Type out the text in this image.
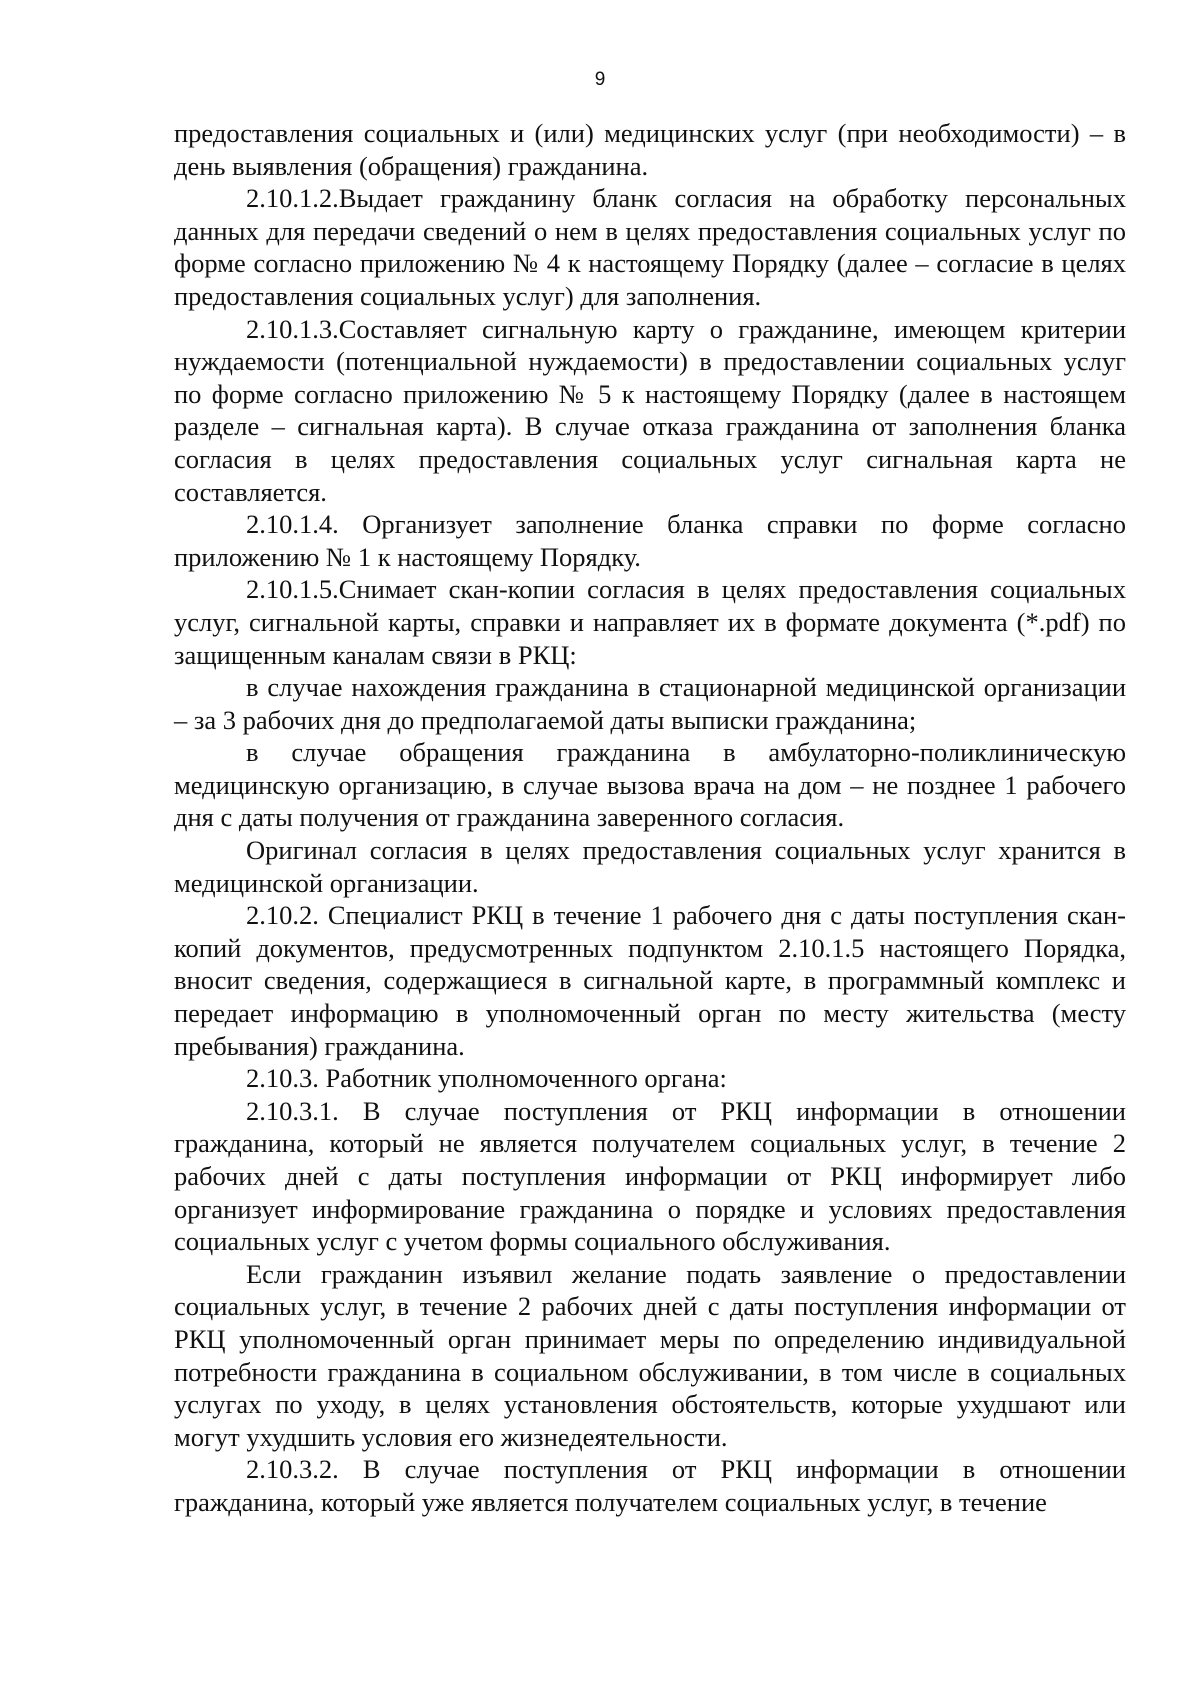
9

предоставления социальных и (или) медицинских услуг (при необходимости) – в день выявления (обращения) гражданина.

2.10.1.2.Выдает гражданину бланк согласия на обработку персональных данных для передачи сведений о нем в целях предоставления социальных услуг по форме согласно приложению № 4 к настоящему Порядку (далее – согласие в целях предоставления социальных услуг) для заполнения.

2.10.1.3.Составляет сигнальную карту о гражданине, имеющем критерии нуждаемости (потенциальной нуждаемости) в предоставлении социальных услуг по форме согласно приложению № 5 к настоящему Порядку (далее в настоящем разделе – сигнальная карта). В случае отказа гражданина от заполнения бланка согласия в целях предоставления социальных услуг сигнальная карта не составляется.

2.10.1.4. Организует заполнение бланка справки по форме согласно приложению № 1 к настоящему Порядку.

2.10.1.5.Снимает скан-копии согласия в целях предоставления социальных услуг, сигнальной карты, справки и направляет их в формате документа (*.pdf) по защищенным каналам связи в РКЦ:

в случае нахождения гражданина в стационарной медицинской организации – за 3 рабочих дня до предполагаемой даты выписки гражданина;

в случае обращения гражданина в амбулаторно-поликлиническую медицинскую организацию, в случае вызова врача на дом – не позднее 1 рабочего дня с даты получения от гражданина заверенного согласия.

Оригинал согласия в целях предоставления социальных услуг хранится в медицинской организации.

2.10.2. Специалист РКЦ в течение 1 рабочего дня с даты поступления скан-копий документов, предусмотренных подпунктом 2.10.1.5 настоящего Порядка, вносит сведения, содержащиеся в сигнальной карте, в программный комплекс и передает информацию в уполномоченный орган по месту жительства (месту пребывания) гражданина.

2.10.3. Работник уполномоченного органа:

2.10.3.1. В случае поступления от РКЦ информации в отношении гражданина, который не является получателем социальных услуг, в течение 2 рабочих дней с даты поступления информации от РКЦ информирует либо организует информирование гражданина о порядке и условиях предоставления социальных услуг с учетом формы социального обслуживания.

Если гражданин изъявил желание подать заявление о предоставлении социальных услуг, в течение 2 рабочих дней с даты поступления информации от РКЦ уполномоченный орган принимает меры по определению индивидуальной потребности гражданина в социальном обслуживании, в том числе в социальных услугах по уходу, в целях установления обстоятельств, которые ухудшают или могут ухудшить условия его жизнедеятельности.

2.10.3.2. В случае поступления от РКЦ информации в отношении гражданина, который уже является получателем социальных услуг, в течение
